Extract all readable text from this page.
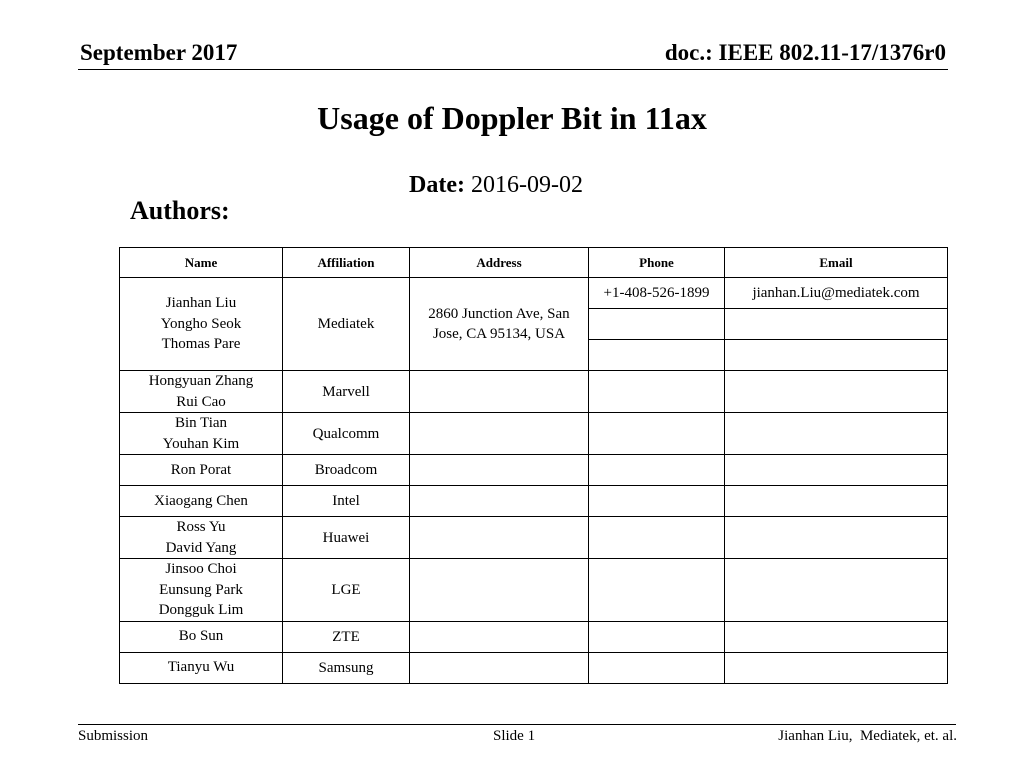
September 2017	doc.: IEEE 802.11-17/1376r0
Usage of Doppler Bit in 11ax
Date: 2016-09-02
Authors:
Name	Affiliation	Address	Phone	Email

Jianhan Liu
Yongho Seok
Thomas Pare	Mediatek	2860 Junction Ave, San Jose, CA 95134, USA	+1-408-526-1899	jianhan.Liu@mediatek.com

Hongyuan Zhang
Rui Cao	Marvell			

Bin Tian
Youhan Kim	Qualcomm			

Ron Porat	Broadcom			

Xiaogang Chen	Intel			

Ross Yu
David Yang	Huawei			

Jinsoo Choi
Eunsung Park
Dongguk Lim	LGE			

Bo Sun	ZTE			

Tianyu Wu	Samsung			
Submission	Slide 1	Jianhan Liu,  Mediatek, et. al.
